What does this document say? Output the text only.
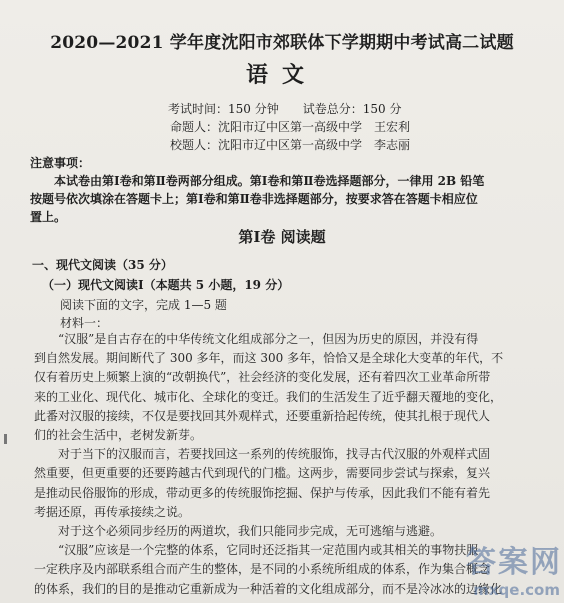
2020—2021 学年度沈阳市郊联体下学期期中考试高二试题
语文
考试时间：150 分钟　　试卷总分：150 分
命题人：沈阳市辽中区第一高级中学　王宏利
校题人：沈阳市辽中区第一高级中学　李志丽
注意事项：

本试卷由第Ⅰ卷和第Ⅱ卷两部分组成。第Ⅰ卷和第Ⅱ卷选择题部分，一律用 2B 铅笔

按题号依次填涂在答题卡上；第Ⅰ卷和第Ⅱ卷非选择题部分，按要求答在答题卡相应位

置上。

第Ⅰ卷 阅读题
一、现代文阅读（35 分）
（一）现代文阅读Ⅰ（本题共 5 小题，19 分）
阅读下面的文字，完成 1—5 题
材料一：

“汉服”是自古存在的中华传统文化组成部分之一，但因为历史的原因，并没有得

到自然发展。期间断代了 300 多年，而这 300 多年，恰恰又是全球化大变革的年代，不

仅有着历史上频繁上演的“改朝换代”，社会经济的变化发展，还有着四次工业革命所带

来的工业化、现代化、城市化、全球化的变迁。我们的生活发生了近乎翻天覆地的变化，

此番对汉服的接续，不仅是要找回其外观样式，还要重新拾起传统，使其扎根于现代人

们的社会生活中，老树发新芽。

对于当下的汉服而言，若要找回这一系列的传统服饰，找寻古代汉服的外观样式固

然重要，但更重要的还要跨越古代到现代的门槛。这两步，需要同步尝试与探索，复兴

是推动民俗服饰的形成，带动更多的传统服饰挖掘、保护与传承，因此我们不能有着先

考据还原，再传承接续之说。

对于这个必须同步经历的两道坎，我们只能同步完成，无可逃缩与逃避。

“汉服”应该是一个完整的体系，它同时还泛指其一定范围内或其相关的事物扶服

一定秩序及内部联系组合而产生的整体，是不同的小系统所组成的体系，作为集合概念

的体系，我们的目的是推动它重新成为一种活着的文化组成部分，而不是冷冰冰的边缘化

答案网
mxqe.com
